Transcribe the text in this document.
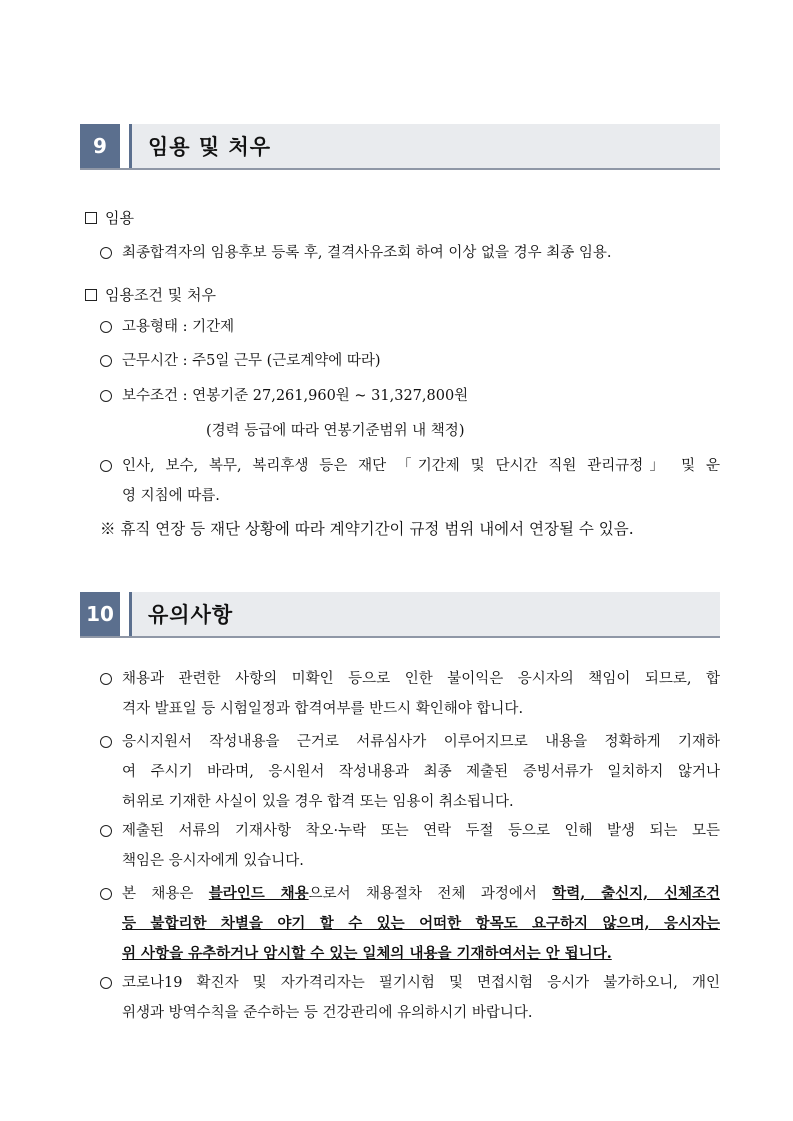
9	임용 및 처우
임용
최종합격자의 임용후보 등록 후, 결격사유조회 하여 이상 없을 경우 최종 임용.
임용조건 및 처우
고용형태 : 기간제
근무시간 : 주5일 근무 (근로계약에 따라)
보수조건 : 연봉기준 27,261,960원 ~ 31,327,800원
(경력 등급에 따라 연봉기준범위 내 책정)
인사, 보수, 복무, 복리후생 등은 재단 「기간제 및 단시간 직원 관리규정」 및 운
영 지침에 따름.
※ 휴직 연장 등 재단 상황에 따라 계약기간이 규정 범위 내에서 연장될 수 있음.
10 유의사항
채용과 관련한 사항의 미확인 등으로 인한 불이익은 응시자의 책임이 되므로, 합
격자 발표일 등 시험일정과 합격여부를 반드시 확인해야 합니다.
응시지원서 작성내용을 근거로 서류심사가 이루어지므로 내용을 정확하게 기재하
여 주시기 바라며, 응시원서 작성내용과 최종 제출된 증빙서류가 일치하지 않거나
허위로 기재한 사실이 있을 경우 합격 또는 임용이 취소됩니다.
제출된 서류의 기재사항 착오·누락 또는 연락 두절 등으로 인해 발생 되는 모든
책임은 응시자에게 있습니다.
본 채용은 블라인드 채용으로서 채용절차 전체 과정에서 학력, 출신지, 신체조건
등 불합리한 차별을 야기 할 수 있는 어떠한 항목도 요구하지 않으며, 응시자는
위 사항을 유추하거나 암시할 수 있는 일체의 내용을 기재하여서는 안 됩니다.
코로나19 확진자 및 자가격리자는 필기시험 및 면접시험 응시가 불가하오니, 개인
위생과 방역수칙을 준수하는 등 건강관리에 유의하시기 바랍니다.
